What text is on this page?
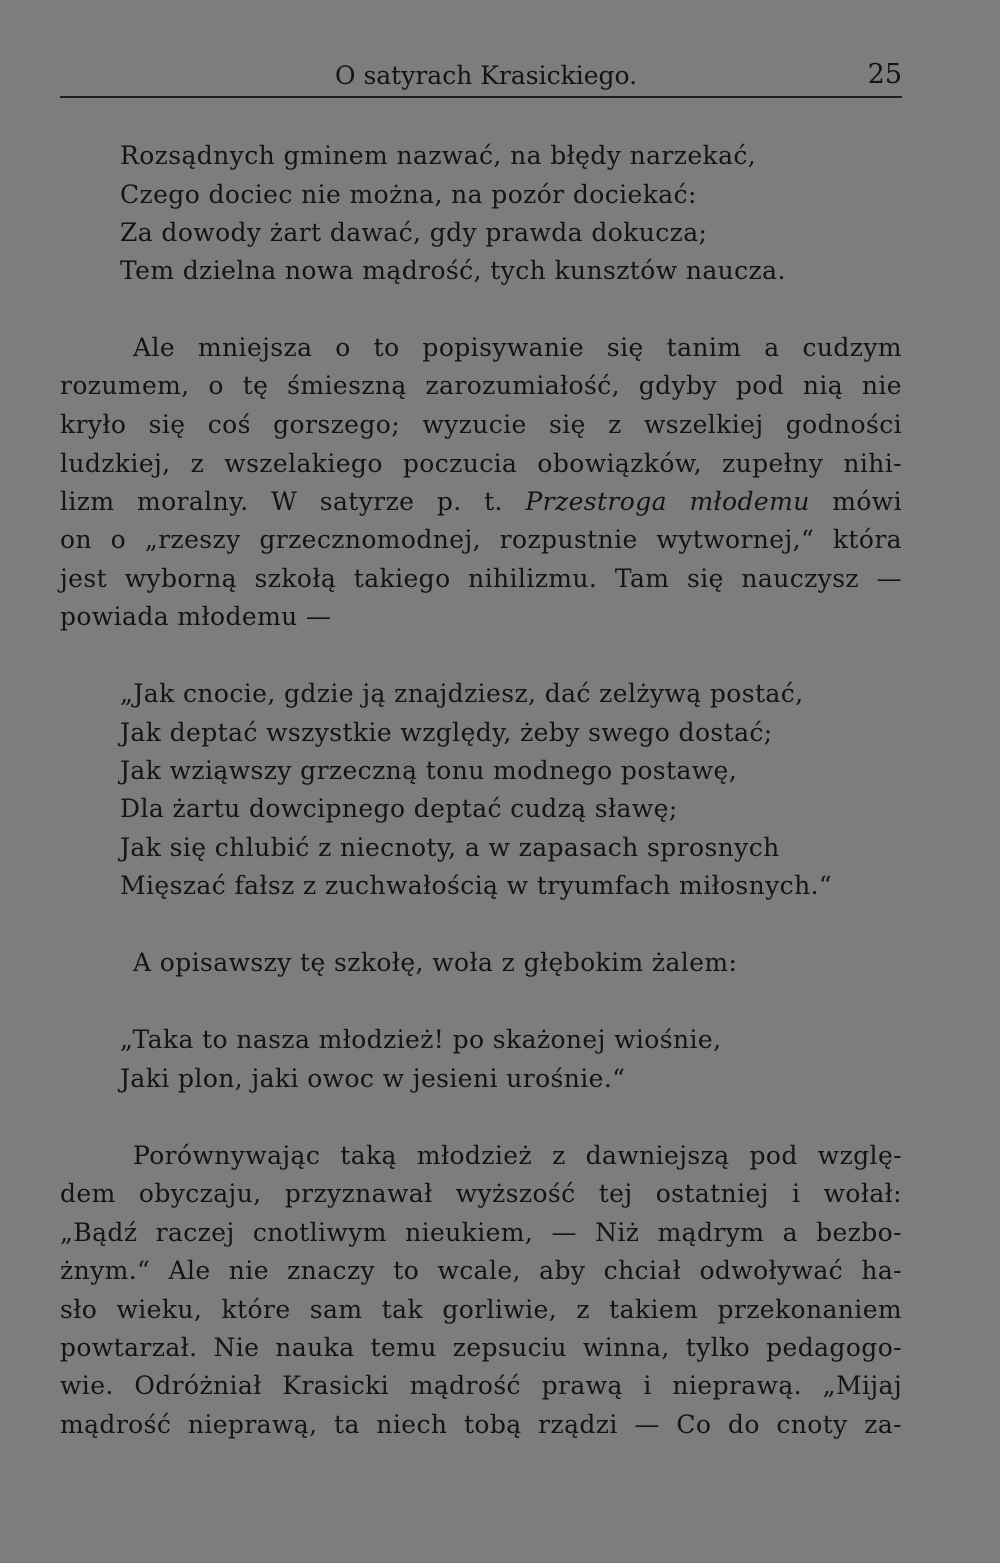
O satyrach Krasickiego.	25
Rozsądnych gminem nazwać, na błędy narzekać,
Czego dociec nie można, na pozór dociekać:
Za dowody żart dawać, gdy prawda dokucza;
Tem dzielna nowa mądrość, tych kunsztów naucza.
Ale mniejsza o to popisywanie się tanim a cudzym
rozumem, o tę śmieszną zarozumiałość, gdyby pod nią nie
kryło się coś gorszego; wyzucie się z wszelkiej godności
ludzkiej, z wszelakiego poczucia obowiązków, zupełny nihi-
lizm moralny. W satyrze p. t. Przestroga młodemu mówi
on o „rzeszy grzecznomodnej, rozpustnie wytwornej,“ która
jest wyborną szkołą takiego nihilizmu. Tam się nauczysz —
powiada młodemu —
„Jak cnocie, gdzie ją znajdziesz, dać zelżywą postać,
Jak deptać wszystkie względy, żeby swego dostać;
Jak wziąwszy grzeczną tonu modnego postawę,
Dla żartu dowcipnego deptać cudzą sławę;
Jak się chlubić z niecnoty, a w zapasach sprosnych
Mięszać fałsz z zuchwałością w tryumfach miłosnych.“
A opisawszy tę szkołę, woła z głębokim żalem:
„Taka to nasza młodzież! po skażonej wiośnie,
Jaki plon, jaki owoc w jesieni urośnie.“
Porównywając taką młodzież z dawniejszą pod wzglę-
dem obyczaju, przyznawał wyższość tej ostatniej i wołał:
„Bądź raczej cnotliwym nieukiem, — Niż mądrym a bezbo-
żnym.“ Ale nie znaczy to wcale, aby chciał odwoływać ha-
sło wieku, które sam tak gorliwie, z takiem przekonaniem
powtarzał. Nie nauka temu zepsuciu winna, tylko pedagogo-
wie. Odróżniał Krasicki mądrość prawą i nieprawą. „Mijaj
mądrość nieprawą, ta niech tobą rządzi — Co do cnoty za-
